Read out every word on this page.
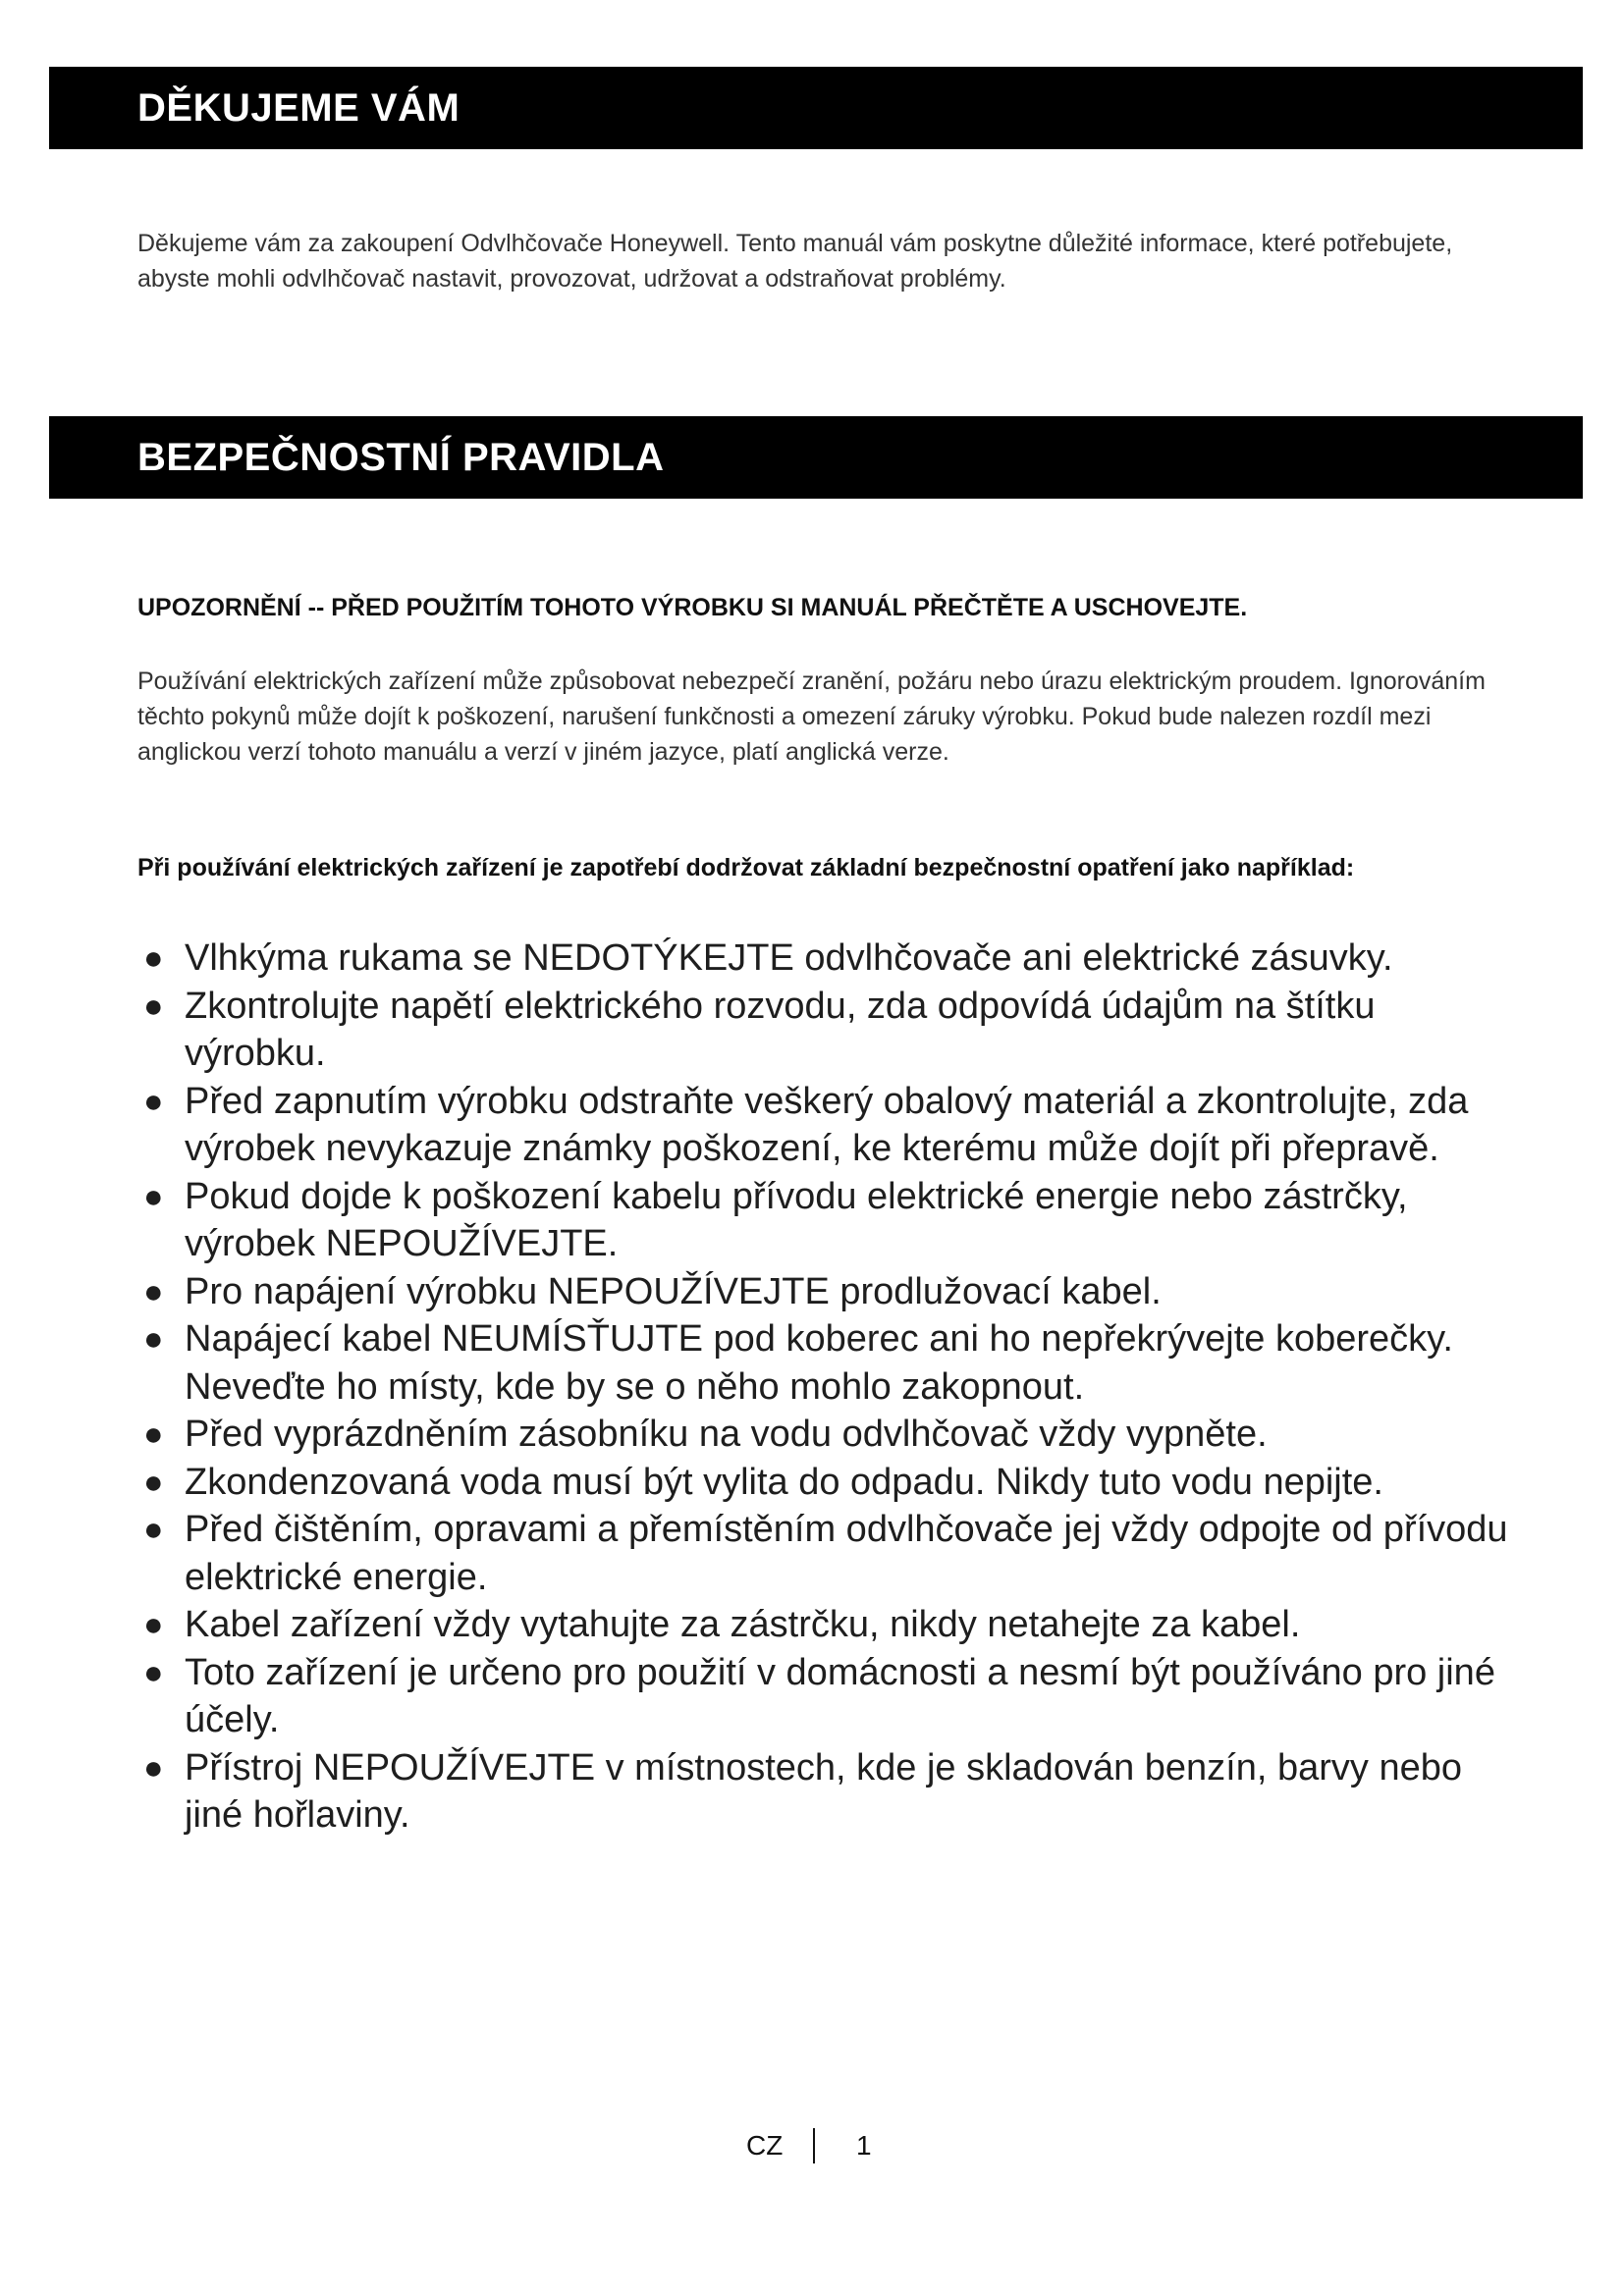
DĚKUJEME VÁM

Děkujeme vám za zakoupení Odvlhčovače Honeywell. Tento manuál vám poskytne důležité informace, které potřebujete, abyste mohli odvlhčovač nastavit, provozovat, udržovat a odstraňovat problémy.

BEZPEČNOSTNÍ PRAVIDLA

UPOZORNĚNÍ -- PŘED POUŽITÍM TOHOTO VÝROBKU SI MANUÁL PŘEČTĚTE A USCHOVEJTE.

Používání elektrických zařízení může způsobovat nebezpečí zranění, požáru nebo úrazu elektrickým proudem. Ignorováním těchto pokynů může dojít k poškození, narušení funkčnosti a omezení záruky výrobku. Pokud bude nalezen rozdíl mezi anglickou verzí tohoto manuálu a verzí v jiném jazyce, platí anglická verze.

Při používání elektrických zařízení je zapotřebí dodržovat základní bezpečnostní opatření jako například:

● Vlhkýma rukama se NEDOTÝKEJTE odvlhčovače ani elektrické zásuvky.
● Zkontrolujte napětí elektrického rozvodu, zda odpovídá údajům na štítku výrobku.
● Před zapnutím výrobku odstraňte veškerý obalový materiál a zkontrolujte, zda výrobek nevykazuje známky poškození, ke kterému může dojít při přepravě.
● Pokud dojde k poškození kabelu přívodu elektrické energie nebo zástrčky, výrobek NEPOUŽÍVEJTE.
● Pro napájení výrobku NEPOUŽÍVEJTE prodlužovací kabel.
● Napájecí kabel NEUMÍSŤUJTE pod koberec ani ho nepřekrývejte koberečky. Neveďte ho místy, kde by se o něho mohlo zakopnout.
● Před vyprázdněním zásobníku na vodu odvlhčovač vždy vypněte.
● Zkondenzovaná voda musí být vylita do odpadu. Nikdy tuto vodu nepijte.
● Před čištěním, opravami a přemístěním odvlhčovače jej vždy odpojte od přívodu elektrické energie.
● Kabel zařízení vždy vytahujte za zástrčku, nikdy netahejte za kabel.
● Toto zařízení je určeno pro použití v domácnosti a nesmí být používáno pro jiné účely.
● Přístroj NEPOUŽÍVEJTE v místnostech, kde je skladován benzín, barvy nebo jiné hořlaviny.
CZ	1
